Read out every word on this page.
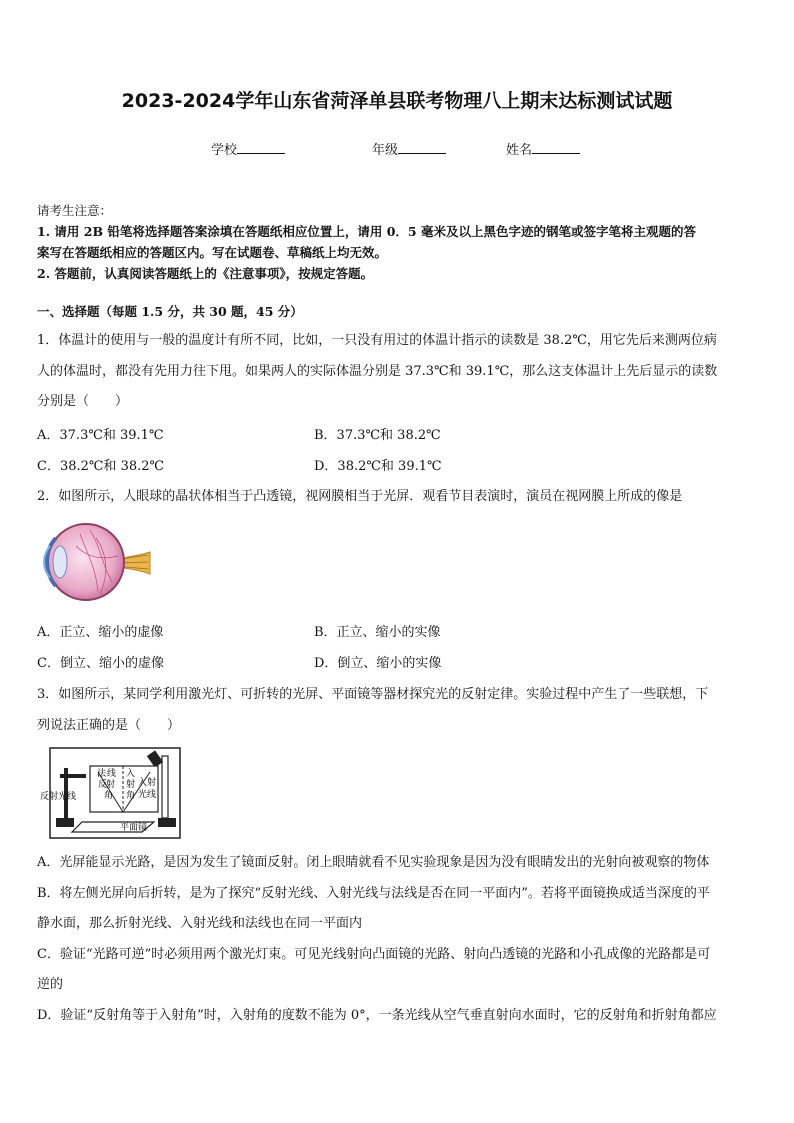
2023-2024学年山东省菏泽单县联考物理八上期末达标测试试题
学校	年级	姓名
请考生注意：
1. 请用 2B 铅笔将选择题答案涂填在答题纸相应位置上，请用 0．5 毫米及以上黑色字迹的钢笔或签字笔将主观题的答
案写在答题纸相应的答题区内。写在试题卷、草稿纸上均无效。
2. 答题前，认真阅读答题纸上的《注意事项》，按规定答题。
一、选择题（每题 1.5 分，共 30 题，45 分）
1．体温计的使用与一般的温度计有所不同，比如，一只没有用过的体温计指示的读数是 38.2℃，用它先后来测两位病
人的体温时，都没有先用力往下甩。如果两人的实际体温分别是 37.3℃和 39.1℃，那么这支体温计上先后显示的读数
分别是（　　）
A．37.3℃和 39.1℃	B．37.3℃和 38.2℃
C．38.2℃和 38.2℃	D．38.2℃和 39.1℃
2．如图所示，人眼球的晶状体相当于凸透镜，视网膜相当于光屏．观看节目表演时，演员在视网膜上所成的像是
A．正立、缩小的虚像	B．正立、缩小的实像
C．倒立、缩小的虚像	D．倒立、缩小的实像
3．如图所示，某同学利用激光灯、可折转的光屏、平面镜等器材探究光的反射定律。实验过程中产生了一些联想，下
列说法正确的是（　　）
法 线
反
射
角
入
射
角
入射
光线
反射光线
平面镜
A．光屏能显示光路，是因为发生了镜面反射。闭上眼睛就看不见实验现象是因为没有眼睛发出的光射向被观察的物体
B．将左侧光屏向后折转，是为了探究“反射光线、入射光线与法线是否在同一平面内”。若将平面镜换成适当深度的平
静水面，那么折射光线、入射光线和法线也在同一平面内
C．验证“光路可逆”时必须用两个激光灯束。可见光线射向凸面镜的光路、射向凸透镜的光路和小孔成像的光路都是可
逆的
D．验证“反射角等于入射角”时，入射角的度数不能为 0°，一条光线从空气垂直射向水面时，它的反射角和折射角都应
